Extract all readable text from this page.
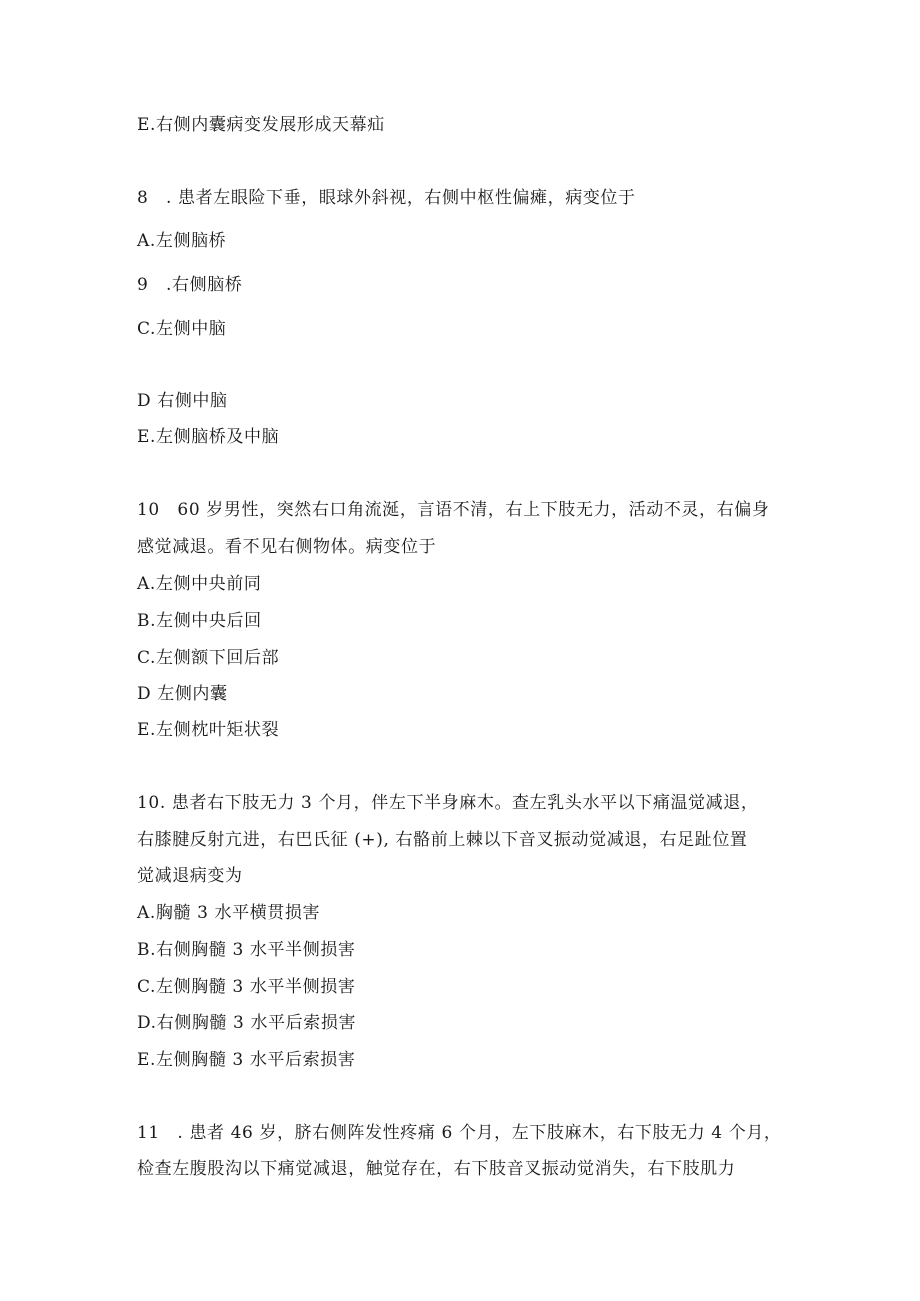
E.右侧内囊病变发展形成天幕疝
8　. 患者左眼险下垂，眼球外斜视，右侧中枢性偏瘫，病变位于
A.左侧脑桥
9　.右侧脑桥
C.左侧中脑
D 右侧中脑
E.左侧脑桥及中脑
10　60 岁男性，突然右口角流涎，言语不清，右上下肢无力，活动不灵，右偏身
感觉减退。看不见右侧物体。病变位于
A.左侧中央前同
B.左侧中央后回
C.左侧额下回后部
D 左侧内囊
E.左侧枕叶矩状裂
10. 患者右下肢无力 3 个月，伴左下半身麻木。查左乳头水平以下痛温觉减退，
右膝腱反射亢进，右巴氏征 (+), 右骼前上棘以下音叉振动觉减退，右足趾位置
觉减退病变为
A.胸髓 3 水平横贯损害
B.右侧胸髓 3 水平半侧损害
C.左侧胸髓 3 水平半侧损害
D.右侧胸髓 3 水平后索损害
E.左侧胸髓 3 水平后索损害
11　. 患者 46 岁，脐右侧阵发性疼痛 6 个月，左下肢麻木，右下肢无力 4 个月，
检查左腹股沟以下痛觉减退，触觉存在，右下肢音叉振动觉消失，右下肢肌力
